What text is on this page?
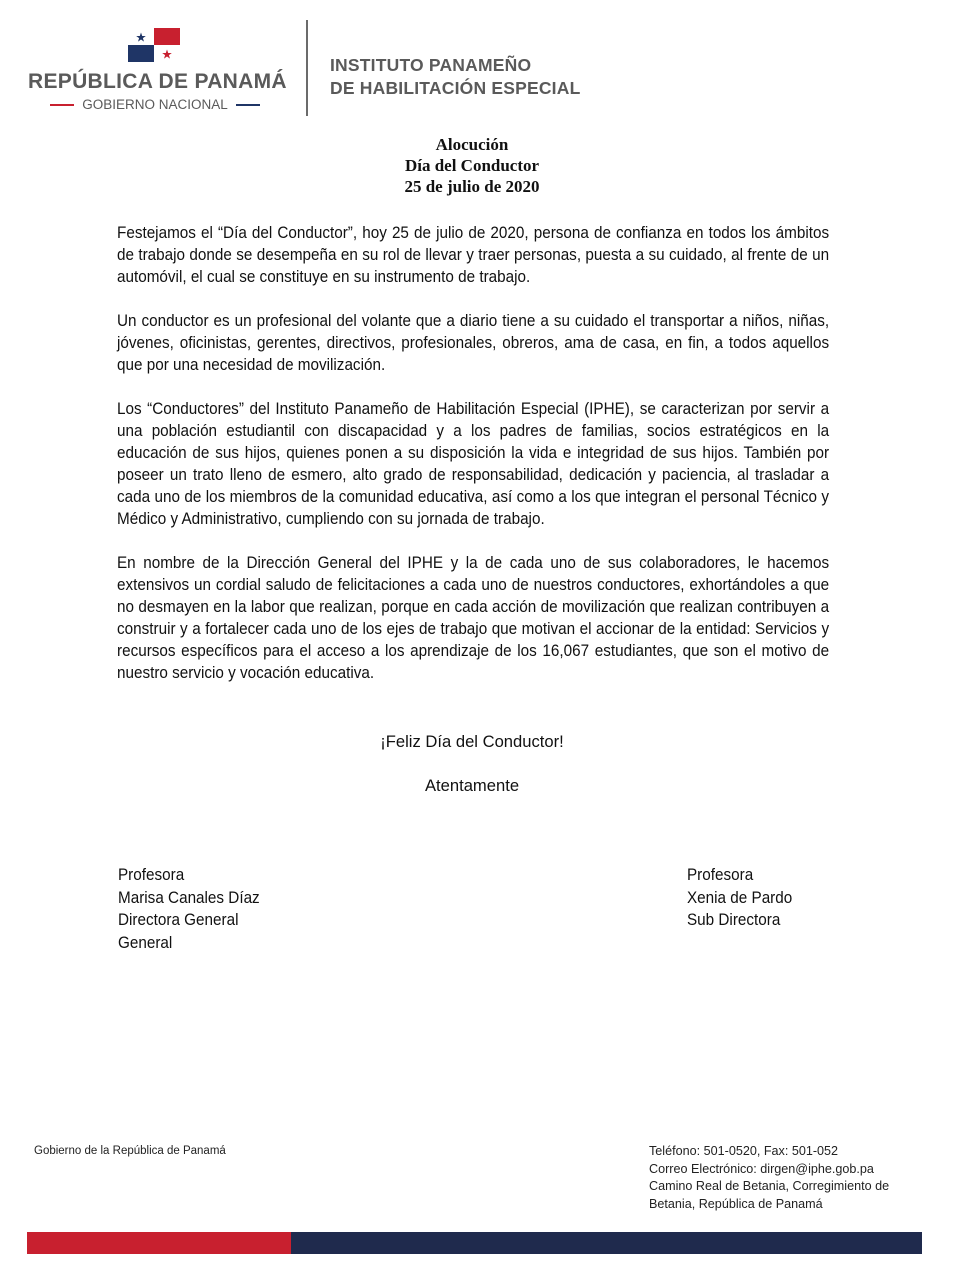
REPÚBLICA DE PANAMÁ
GOBIERNO NACIONAL
INSTITUTO PANAMEÑO
DE HABILITACIÓN ESPECIAL
Alocución
Día del Conductor
25 de julio de 2020

Festejamos el “Día del Conductor”, hoy 25 de julio de 2020, persona de confianza en todos los ámbitos de trabajo donde se desempeña en su rol de llevar y traer personas, puesta a su cuidado, al frente de un automóvil, el cual se constituye en su instrumento de trabajo.

Un conductor es un profesional del volante que a diario tiene a su cuidado el transportar a niños, niñas, jóvenes, oficinistas, gerentes, directivos, profesionales, obreros, ama de casa, en fin, a todos aquellos que por una necesidad de movilización.

Los “Conductores” del Instituto Panameño de Habilitación Especial (IPHE), se caracterizan por servir a una población estudiantil con discapacidad y a los padres de familias, socios estratégicos en la educación de sus hijos, quienes ponen a su disposición la vida e integridad de sus hijos. También por poseer un trato lleno de esmero, alto grado de responsabilidad, dedicación y paciencia, al trasladar a cada uno de los miembros de la comunidad educativa, así como a los que integran el personal Técnico y Médico y Administrativo, cumpliendo con su jornada de trabajo.

En nombre de la Dirección General del IPHE y la de cada uno de sus colaboradores, le hacemos extensivos un cordial saludo de felicitaciones a cada uno de nuestros conductores, exhortándoles a que no desmayen en la labor que realizan, porque en cada acción de movilización que realizan contribuyen a construir y a fortalecer cada uno de los ejes de trabajo que motivan el accionar de la entidad: Servicios y recursos específicos para el acceso a los aprendizaje de los 16,067 estudiantes, que son el motivo de nuestro servicio y vocación educativa.

¡Feliz Día del Conductor!
Atentamente
Profesora
Marisa Canales Díaz
Directora General
General
Profesora
Xenia de Pardo
Sub Directora
Gobierno de la República de Panamá	Teléfono: 501-0520, Fax: 501-052
Correo Electrónico: dirgen@iphe.gob.pa
Camino Real de Betania, Corregimiento de
Betania, República de Panamá
